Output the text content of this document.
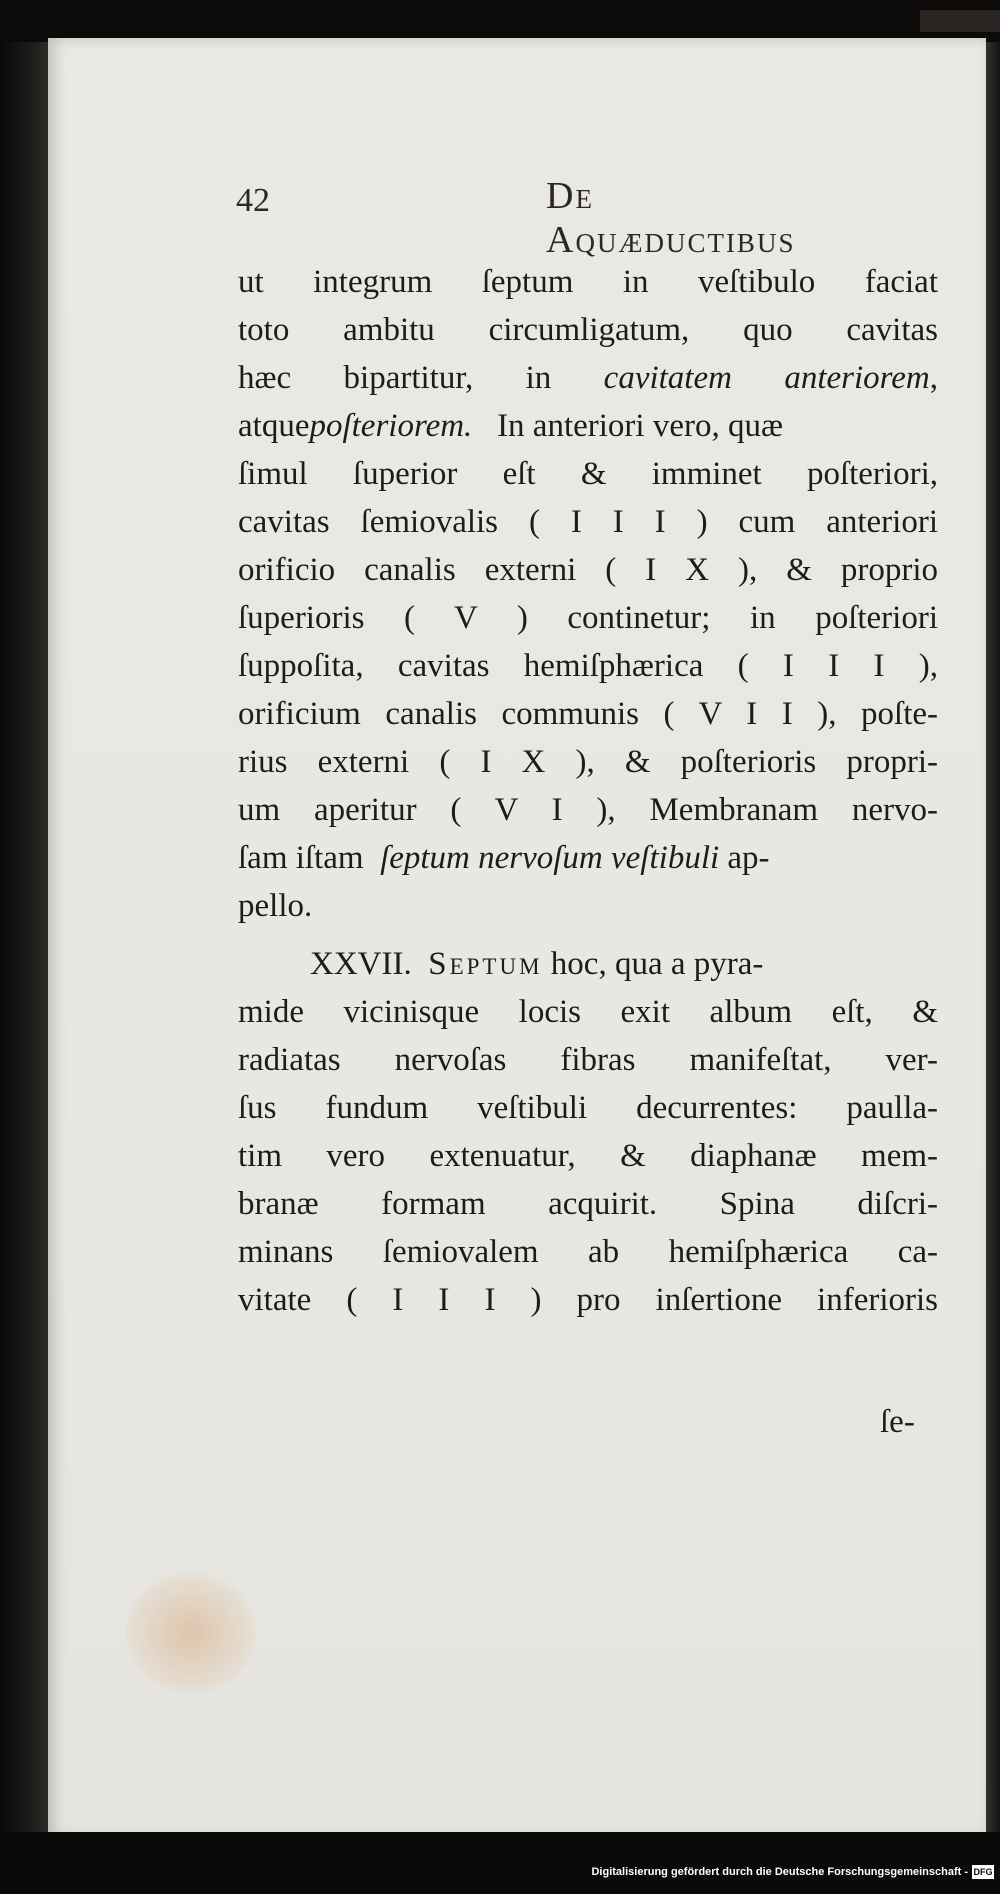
42	De Aquæductibus
ut integrum ſeptum in veſtibulo faciat
toto ambitu circumligatum, quo cavitas
hæc bipartitur, in cavitatem anteriorem,
atquepoſteriorem. In anteriori vero, quæ
ſimul ſuperior eſt & imminet poſteriori,
cavitas ſemiovalis ( I I I ) cum anteriori
orificio canalis externi ( I X ), & proprio
ſuperioris ( V ) continetur; in poſteriori
ſuppoſita, cavitas hemiſphærica ( I I I ),
orificium canalis communis ( V I I ), poſte-
rius externi ( I X ), & poſterioris propri-
um aperitur ( V I ), Membranam nervo-
ſam iſtam ſeptum nervoſum veſtibuli ap-
pello.
XXVII. Septum hoc, qua a pyra-
mide vicinisque locis exit album eſt, &
radiatas nervoſas fibras manifeſtat, ver-
ſus fundum veſtibuli decurrentes: paulla-
tim vero extenuatur, & diaphanæ mem-
branæ formam acquirit. Spina diſcri-
minans ſemiovalem ab hemiſphærica ca-
vitate ( I I I ) pro inſertione inferioris
ſe-
Digitalisierung gefördert durch die Deutsche Forschungsgemeinschaft - DFG
